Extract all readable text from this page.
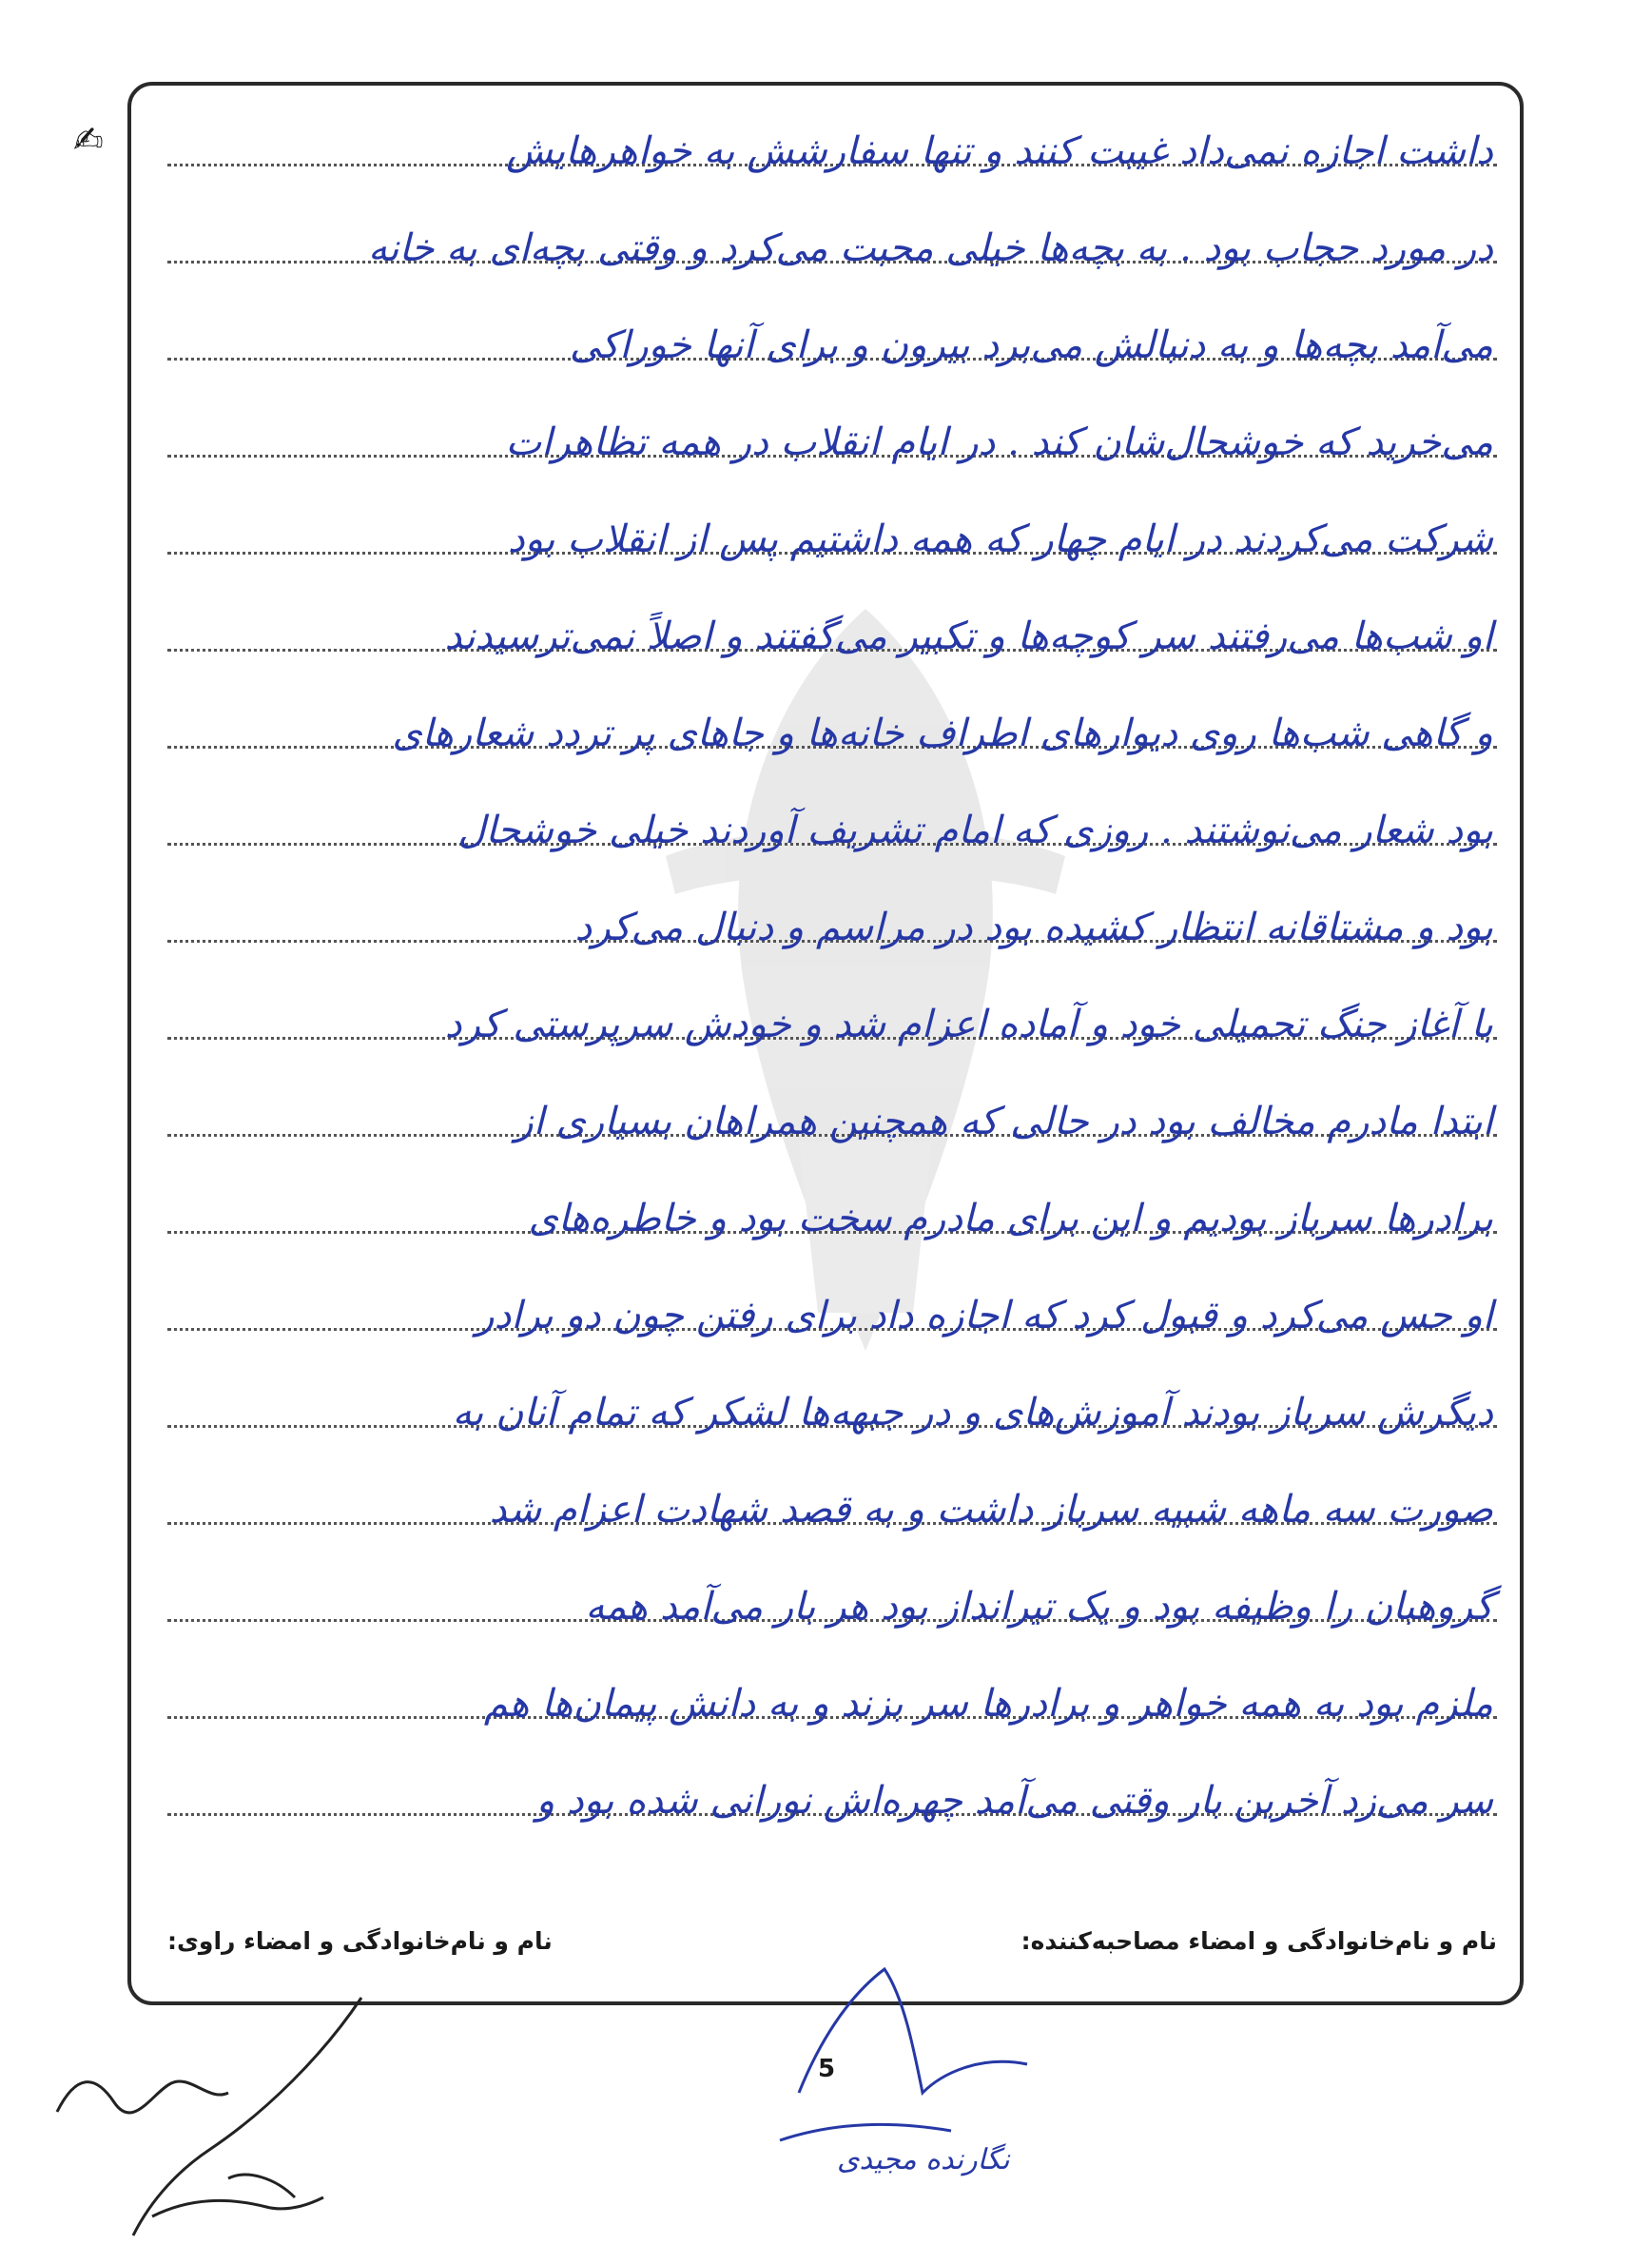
✍	داشت اجازه نمی‌داد غیبت کنند و تنها سفارشش به خواهرهایش
در مورد حجاب بود . به بچه‌ها خیلی محبت می‌کرد و وقتی بچه‌ای به خانه
می‌آمد بچه‌ها و به دنبالش می‌برد بیرون و برای آنها خوراکی
می‌خرید که خوشحال‌شان کند . در ایام انقلاب در همه تظاهرات
شرکت می‌کردند در ایام چهار که همه داشتیم پس از انقلاب بود
او شب‌ها می‌رفتند سر کوچه‌ها و تکبیر می‌گفتند و اصلاً نمی‌ترسیدند
و گاهی شب‌ها روی دیوارهای اطراف خانه‌ها و جاهای پر تردد شعارهای
بود شعار می‌نوشتند . روزی که امام تشریف آوردند خیلی خوشحال
بود و مشتاقانه انتظار کشیده بود در مراسم و دنبال می‌کرد
با آغاز جنگ تحمیلی خود و آماده اعزام شد و خودش سرپرستی کرد
ابتدا مادرم مخالف بود در حالی که همچنین همراهان بسیاری از
برادرها سرباز بودیم و این برای مادرم سخت بود و خاطره‌های
او حس می‌کرد و قبول کرد که اجازه داد برای رفتن چون دو برادر
دیگرش سرباز بودند آموزش‌های و در جبهه‌ها لشکر که تمام آنان به
صورت سه ماهه شبیه سرباز داشت و به قصد شهادت اعزام شد
گروهبان را وظیفه بود و یک تیرانداز بود هر بار می‌آمد همه
ملزم بود به همه خواهر و برادرها سر بزند و به دانش پیمان‌ها هم
سر می‌زد آخرین بار وقتی می‌آمد چهره‌اش نورانی شده بود و
نام و نام‌خانوادگی و امضاء مصاحبه‌کننده:
نام و نام‌خانوادگی و امضاء راوی:
5
نگارنده مجیدی
